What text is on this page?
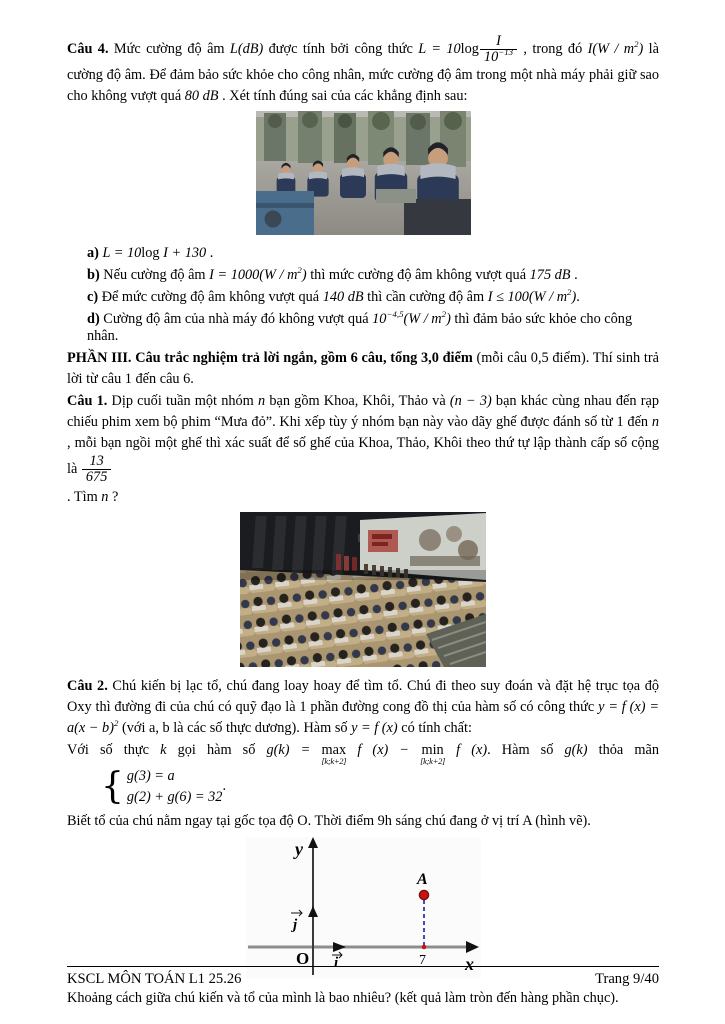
Câu 4. Mức cường độ âm L(dB) được tính bởi công thức $L = 10\log \frac{I}{10^{-13}}$ , trong đó $I(W / m^2)$ là cường độ âm. Để đảm bảo sức khỏe cho công nhân, mức cường độ âm trong một nhà máy phải giữ sao cho không vượt quá 80 dB . Xét tính đúng sai của các khẳng định sau:

a) L = 10log I + 130 .
b) Nếu cường độ âm $I = 1000(W / m^2)$ thì mức cường độ âm không vượt quá 175 dB .
c) Để mức cường độ âm không vượt quá 140 dB thì cần cường độ âm $I \le 100(W / m^2)$.
d) Cường độ âm của nhà máy đó không vượt quá $10^{-4,5}(W / m^2)$ thì đảm bảo sức khỏe cho công nhân.

PHẦN III. Câu trắc nghiệm trả lời ngắn, gồm 6 câu, tổng 3,0 điểm (mỗi câu 0,5 điểm). Thí sinh trả lời từ câu 1 đến câu 6.

Câu 1. Dịp cuối tuần một nhóm n bạn gồm Khoa, Khôi, Thảo và (n − 3) bạn khác cùng nhau đến rạp chiếu phim xem bộ phim “Mưa đỏ”. Khi xếp tùy ý nhóm bạn này vào dãy ghế được đánh số từ 1 đến n , mỗi bạn ngồi một ghế thì xác suất để số ghế của Khoa, Thảo, Khôi theo thứ tự lập thành cấp số cộng là $\frac{13}{675}$

. Tìm n ?

Câu 2. Chú kiến bị lạc tổ, chú đang loay hoay để tìm tổ. Chú đi theo suy đoán và đặt hệ trục tọa độ Oxy thì đường đi của chú có quỹ đạo là 1 phần đường cong đồ thị của hàm số có công thức y = f $(x) = a(x - b)^2$ (với a, b là các số thực dương). Hàm số y = f (x) có tính chất:

Với số thực k gọi hàm số g(k) = max
[k;k+2]
f (x) − min
[k;k+2]
f (x). Hàm số g(k) thỏa mãn
{ g(3) = a
g(2) + g(6) = 32
.

Biết tổ của chú nằm ngay tại gốc tọa độ O. Thời điểm 9h sáng chú đang ở vị trí A (hình vẽ).

y
x
O
j
i
A
7

Khoảng cách giữa chú kiến và tổ của mình là bao nhiêu? (kết quả làm tròn đến hàng phần chục).

KSCL MÔN TOÁN L1 25.26	Trang 9/40
